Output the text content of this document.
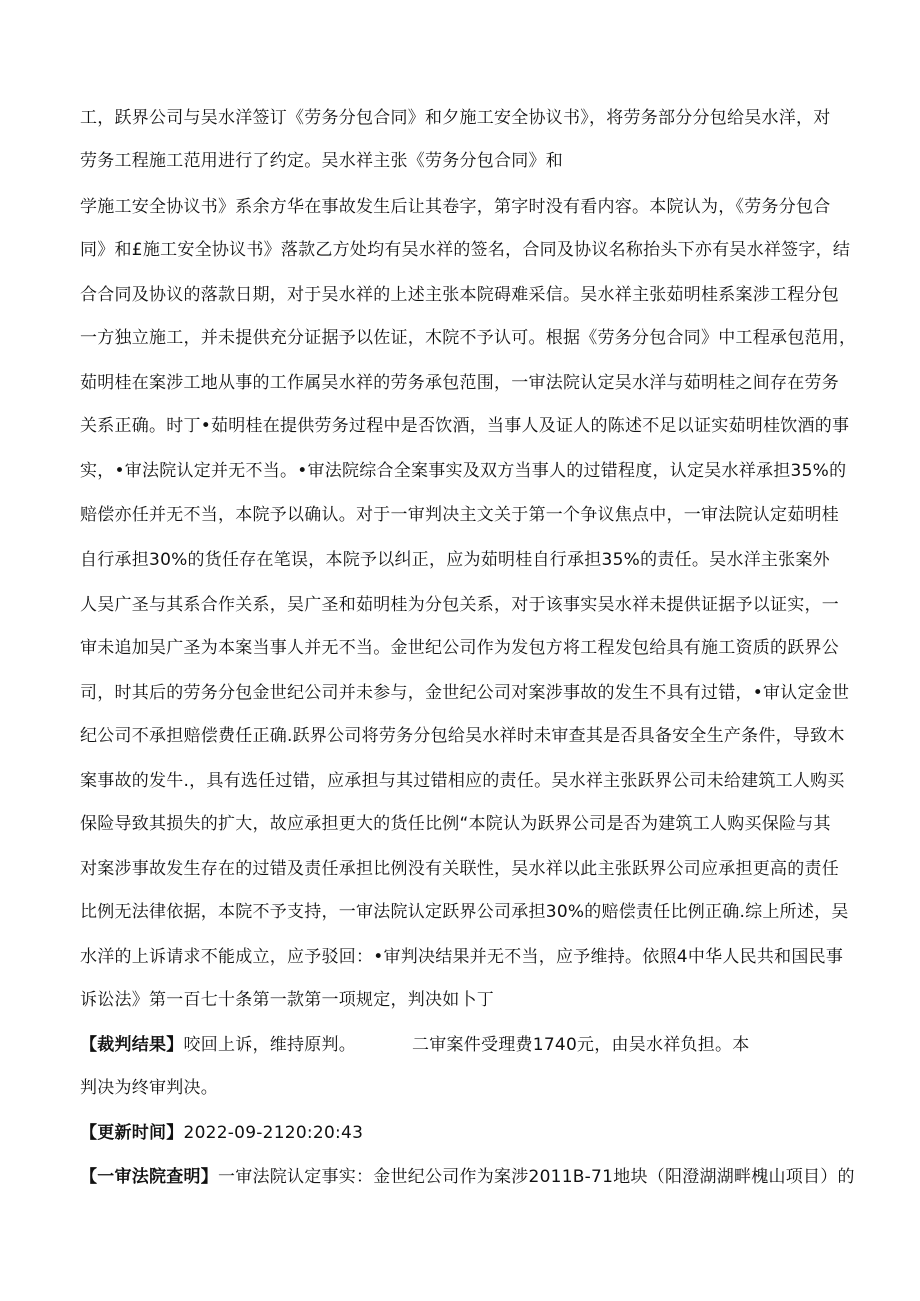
工，跃界公司与吴水洋签订《劳务分包合同》和夕施工安全协议书》，将劳务部分分包给吴水洋，对
劳务工程施工范用进行了约定。吴水祥主张《劳务分包合同》和
学施工安全协议书》系余方华在事故发生后让其卷字，第字时没有看内容。本院认为，《劳务分包合
同》和£施工安全协议书》落款乙方处均有吴水祥的签名，合同及协议名称抬头下亦有吴水祥签字，结
合合同及协议的落款日期，对于吴水祥的上述主张本院碍难采信。吴水祥主张茹明桂系案涉工程分包
一方独立施工，并未提供充分证据予以佐证，木院不予认可。根据《劳务分包合同》中工程承包范用，
茹明桂在案涉工地从事的工作属吴水祥的劳务承包范围，一审法院认定吴水洋与茹明桂之间存在劳务
关系正确。时丁•茹明桂在提供劳务过程中是否饮酒，当事人及证人的陈述不足以证实茹明桂饮酒的事
实，•审法院认定并无不当。•审法院综合全案事实及双方当事人的过错程度，认定吴水祥承担35%的
赔偿亦任并无不当，本院予以确认。对于一审判决主文关于第一个争议焦点中，一审法院认定茹明桂
自行承担30%的货任存在笔误，本院予以纠正，应为茹明桂自行承担35%的责任。吴水洋主张案外
人吴广圣与其系合作关系，吴广圣和茹明桂为分包关系，对于该事实吴水祥未提供证据予以证实，一
审未追加吴广圣为本案当事人并无不当。金世纪公司作为发包方将工程发包给具有施工资质的跃界公
司，时其后的劳务分包金世纪公司并未参与，金世纪公司对案涉事故的发生不具有过错，•审认定金世
纪公司不承担赔偿费任正确.跃界公司将劳务分包给吴水祥时未审查其是否具备安全生产条件，导致木
案事故的发牛.，具有选任过错，应承担与其过错相应的责任。吴水祥主张跃界公司未给建筑工人购买
保险导致其损失的扩大，故应承担更大的货任比例“本院认为跃界公司是否为建筑工人购买保险与其
对案涉事故发生存在的过错及责任承担比例没有关联性，吴水祥以此主张跃界公司应承担更高的责任
比例无法律依据，本院不予支持，一审法院认定跃界公司承担30%的赔偿责任比例正确.综上所述，吴
水洋的上诉请求不能成立，应予驳回：•审判决结果并无不当，应予维持。依照4中华人民共和国民事
诉讼法》第一百七十条第一款第一项规定，判决如卜丁
【裁判结果】咬回上诉，维持原判。	二审案件受理费1740元，由吴水祥负担。本
判决为终审判决。
【更新时间】2022-09-2120:20:43
【一审法院查明】一审法院认定事实：金世纪公司作为案涉2011B-71地块（阳澄湖湖畔槐山项目）的
